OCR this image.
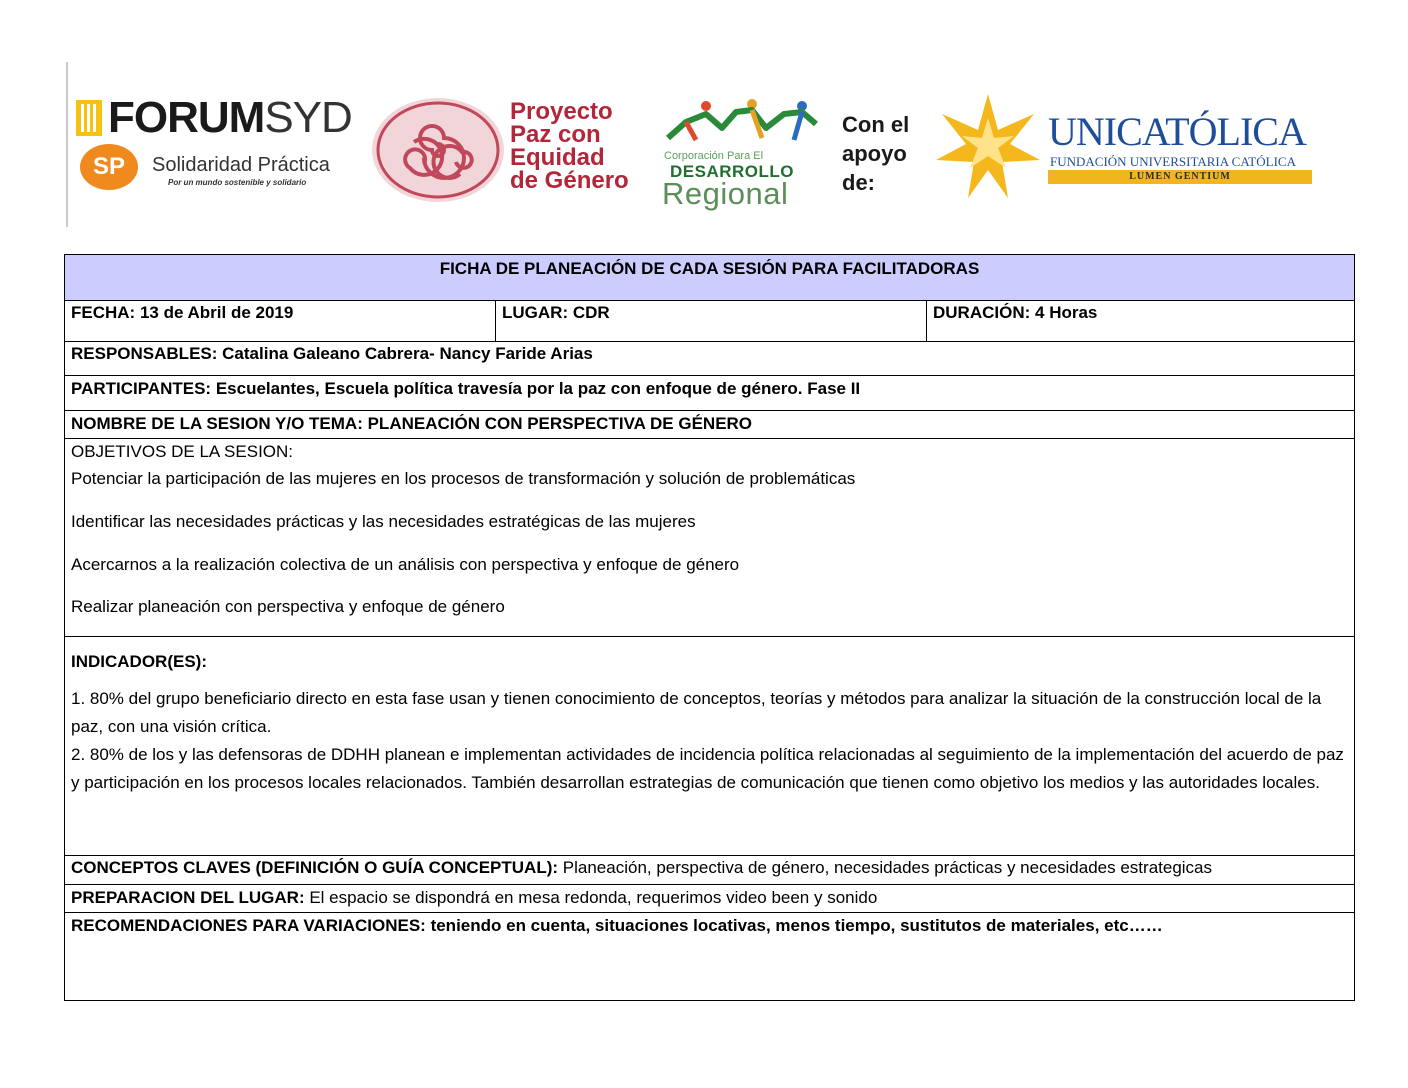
FORUMSYD
SP	Solidaridad Práctica
Por un mundo sostenible y solidario
Proyecto
Paz con
Equidad
de Género
Corporación Para El
DESARROLLO
Regional
Con el
apoyo
de:
UNICATÓLICA
FUNDACIÓN UNIVERSITARIA CATÓLICA
LUMEN GENTIUM
FICHA DE PLANEACIÓN DE CADA SESIÓN PARA FACILITADORAS
FECHA: 13 de Abril de 2019	LUGAR: CDR	DURACIÓN: 4 Horas
RESPONSABLES: Catalina Galeano Cabrera- Nancy Faride Arias
PARTICIPANTES: Escuelantes, Escuela política travesía por la paz con enfoque de género. Fase II
NOMBRE DE LA SESION Y/O TEMA: PLANEACIÓN CON PERSPECTIVA DE GÉNERO
OBJETIVOS DE LA SESION:
Potenciar la participación de las mujeres en los procesos de transformación y solución de problemáticas
Identificar las necesidades prácticas y las necesidades estratégicas de las mujeres
Acercarnos a la realización colectiva de un análisis con perspectiva y enfoque de género
Realizar planeación con perspectiva y enfoque de género
INDICADOR(ES):
1. 80% del grupo beneficiario directo en esta fase usan y tienen conocimiento de conceptos, teorías y métodos para analizar la situación de la construcción local de la paz, con una visión crítica.
2. 80% de los y las defensoras de DDHH planean e implementan actividades de incidencia política relacionadas al seguimiento de la implementación del acuerdo de paz y participación en los procesos locales relacionados. También desarrollan estrategias de comunicación que tienen como objetivo los medios y las autoridades locales.
CONCEPTOS CLAVES (DEFINICIÓN O GUÍA CONCEPTUAL): Planeación, perspectiva de género, necesidades prácticas y necesidades estrategicas
PREPARACION DEL LUGAR: El espacio se dispondrá en mesa redonda, requerimos video been y sonido
RECOMENDACIONES PARA VARIACIONES: teniendo en cuenta, situaciones locativas, menos tiempo, sustitutos de materiales, etc……
